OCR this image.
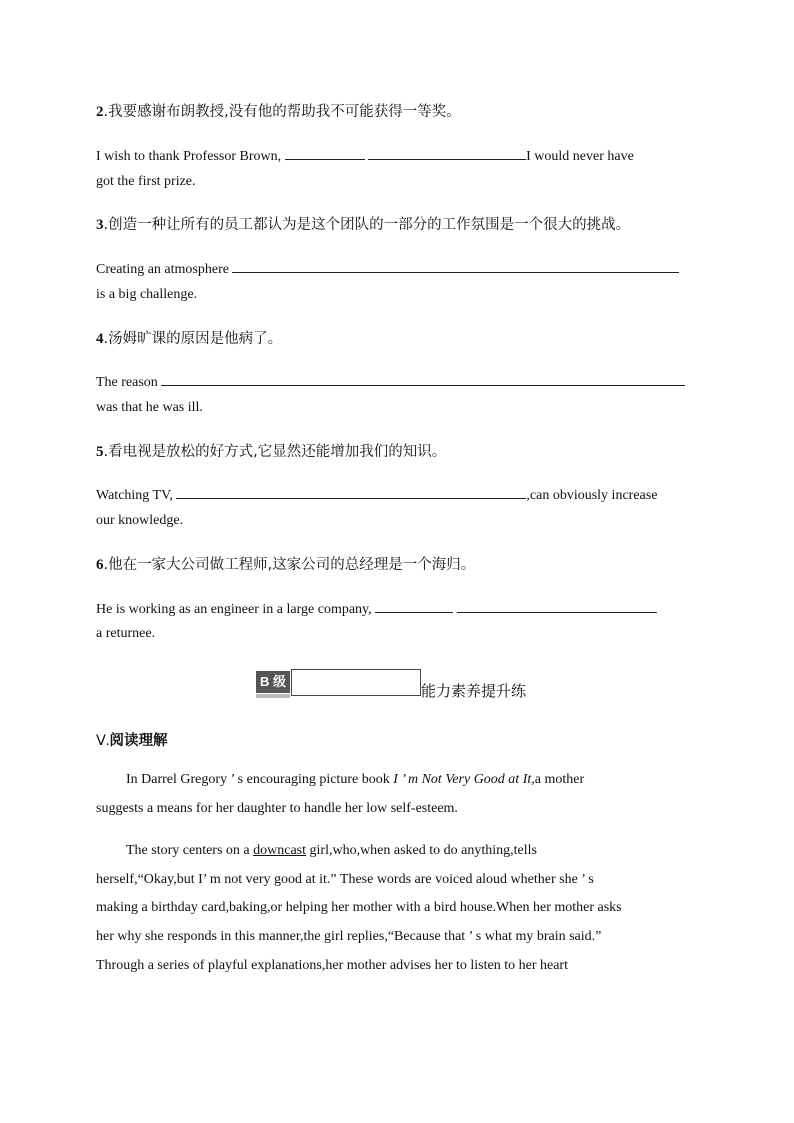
2.我要感谢布朗教授,没有他的帮助我不可能获得一等奖。
I wish to thank Professor Brown,	I would never have
got the first prize.
3.创造一种让所有的员工都认为是这个团队的一部分的工作氛围是一个很大的挑战。
Creating an atmosphere
is a big challenge.
4.汤姆旷课的原因是他病了。
The reason
was that he was ill.
5.看电视是放松的好方式,它显然还能增加我们的知识。
Watching TV,	,can obviously increase
our knowledge.
6.他在一家大公司做工程师,这家公司的总经理是一个海归。
He is working as an engineer in a large company,
a returnee.
B 级
能力素养提升练
Ⅴ.阅读理解
In Darrel Gregory ’ s encouraging picture book I ’ m Not Very Good at It,a mother
suggests a means for her daughter to handle her low self-esteem.
The story centers on a downcast girl,who,when asked to do anything,tells
herself,“Okay,but I’ m not very good at it.” These words are voiced aloud whether she ’ s
making a birthday card,baking,or helping her mother with a bird house.When her mother asks
her why she responds in this manner,the girl replies,“Because that ’ s what my brain said.”
Through a series of playful explanations,her mother advises her to listen to her heart
